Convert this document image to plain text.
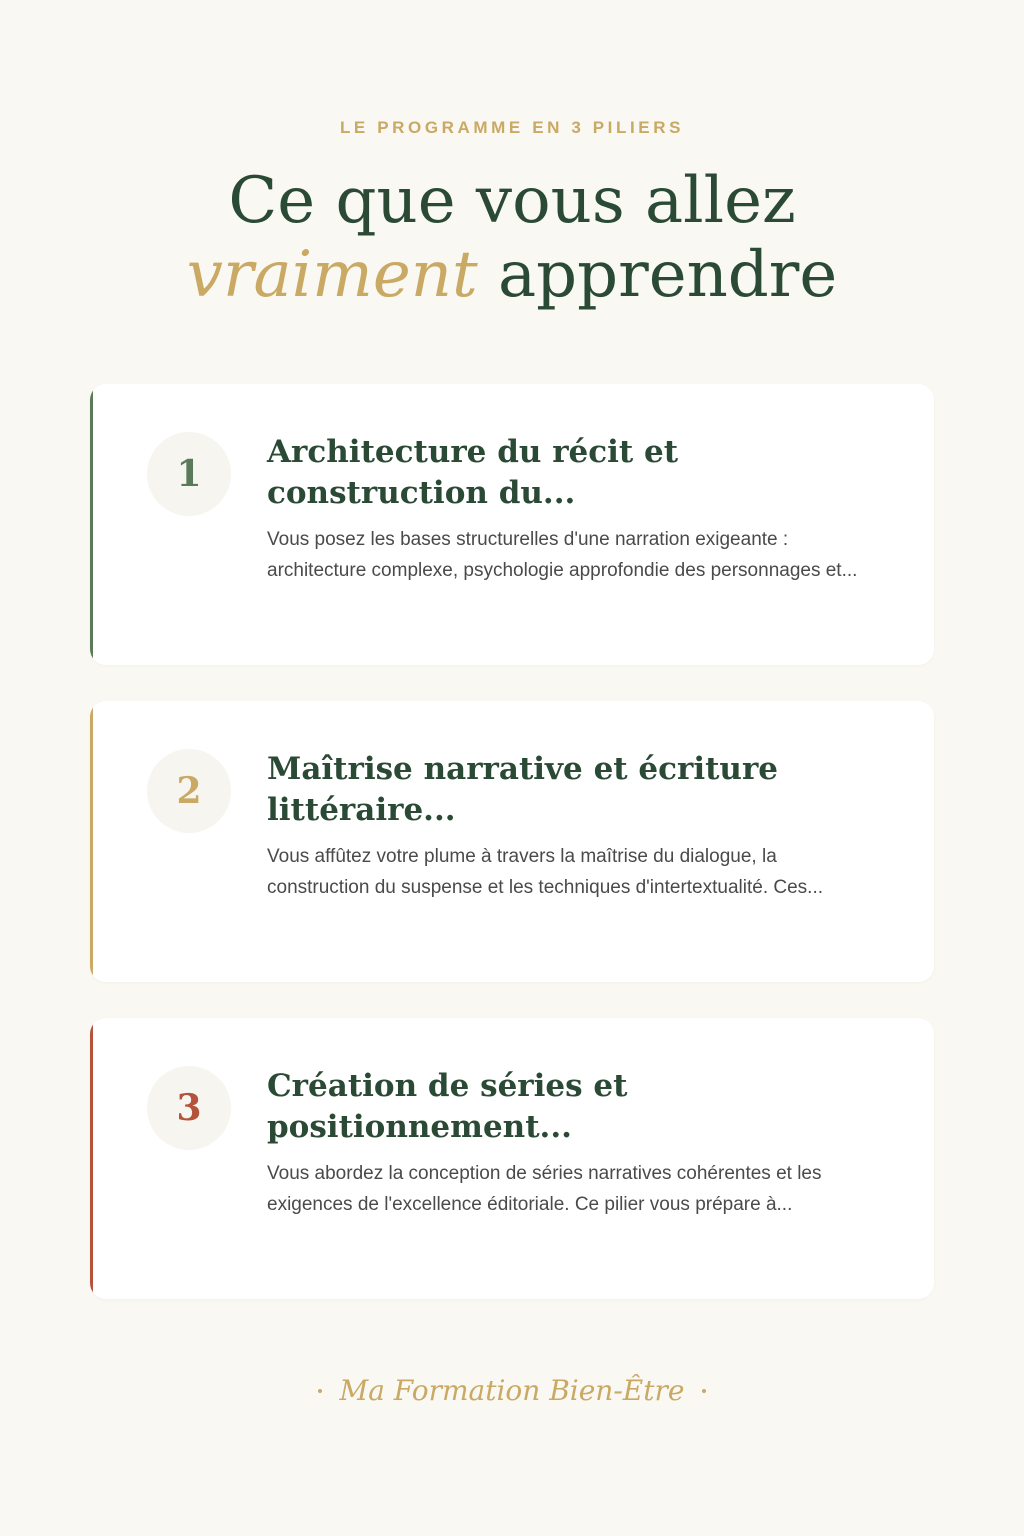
LE PROGRAMME EN 3 PILIERS
Ce que vous allez
vraiment apprendre
1
Architecture du récit et construction du...

Vous posez les bases structurelles d'une narration exigeante : architecture complexe, psychologie approfondie des personnages et...

2
Maîtrise narrative et écriture littéraire...

Vous affûtez votre plume à travers la maîtrise du dialogue, la construction du suspense et les techniques d'intertextualité. Ces...

3
Création de séries et positionnement...

Vous abordez la conception de séries narratives cohérentes et les exigences de l'excellence éditoriale. Ce pilier vous prépare à...

Ma Formation Bien-Être
